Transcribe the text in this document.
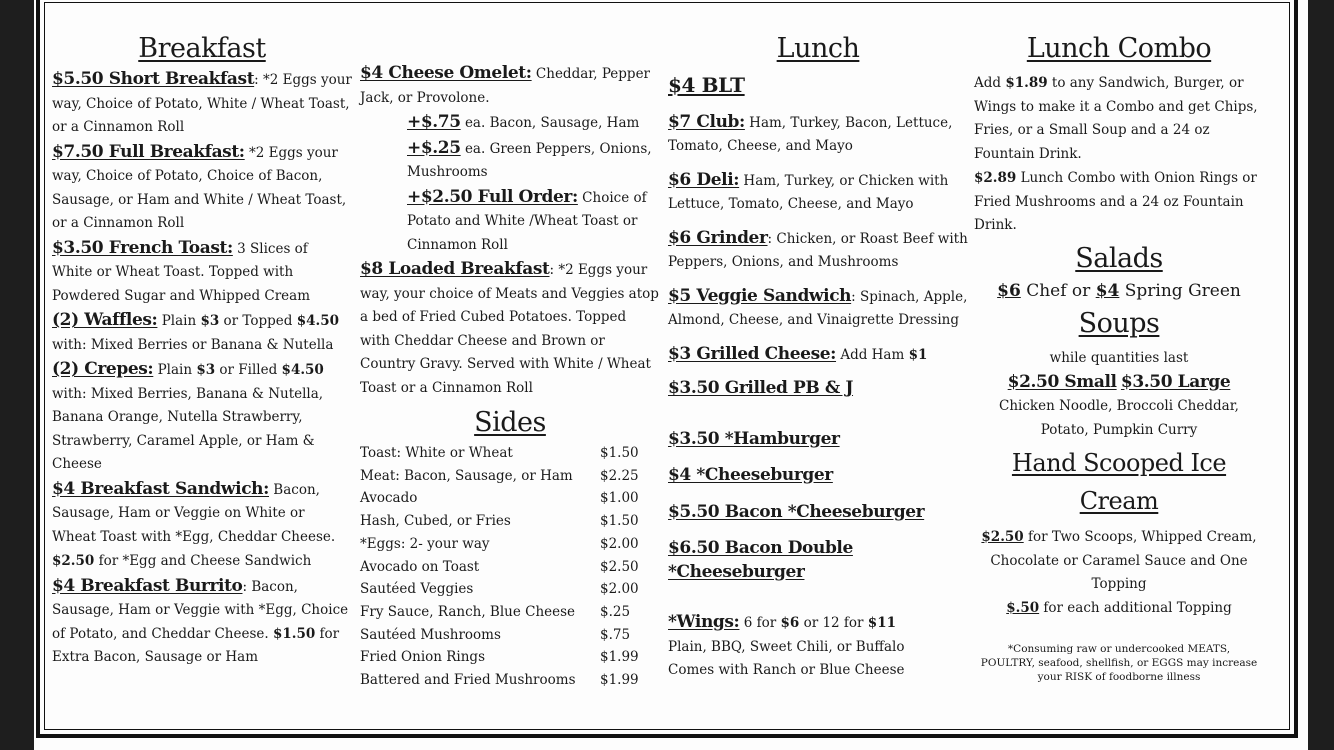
Breakfast
$5.50 Short Breakfast: *2 Eggs your way, Choice of Potato, White / Wheat Toast, or a Cinnamon Roll
$7.50 Full Breakfast: *2 Eggs your way, Choice of Potato, Choice of Bacon, Sausage, or Ham and White / Wheat Toast, or a Cinnamon Roll
$3.50 French Toast: 3 Slices of White or Wheat Toast. Topped with Powdered Sugar and Whipped Cream
(2) Waffles: Plain $3 or Topped $4.50 with: Mixed Berries or Banana & Nutella
(2) Crepes: Plain $3 or Filled $4.50 with: Mixed Berries, Banana & Nutella, Banana Orange, Nutella Strawberry, Strawberry, Caramel Apple, or Ham & Cheese
$4 Breakfast Sandwich: Bacon, Sausage, Ham or Veggie on White or Wheat Toast with *Egg, Cheddar Cheese.
$2.50 for *Egg and Cheese Sandwich
$4 Breakfast Burrito: Bacon, Sausage, Ham or Veggie with *Egg, Choice of Potato, and Cheddar Cheese. $1.50 for Extra Bacon, Sausage or Ham
$4 Cheese Omelet: Cheddar, Pepper Jack, or Provolone.
+$.75 ea. Bacon, Sausage, Ham
+$.25 ea. Green Peppers, Onions, Mushrooms
+$2.50 Full Order: Choice of Potato and White /Wheat Toast or Cinnamon Roll
$8 Loaded Breakfast: *2 Eggs your way, your choice of Meats and Veggies atop a bed of Fried Cubed Potatoes. Topped with Cheddar Cheese and Brown or Country Gravy. Served with White / Wheat Toast or a Cinnamon Roll
Sides
Toast: White or Wheat	$1.50
Meat: Bacon, Sausage, or Ham $2.25
Avocado	$1.00
Hash, Cubed, or Fries	$1.50
*Eggs: 2- your way	$2.00
Avocado on Toast	$2.50
Sautéed Veggies	$2.00
Fry Sauce, Ranch, Blue Cheese $.25
Sautéed Mushrooms	$.75
Fried Onion Rings	$1.99
Battered and Fried Mushrooms $1.99
Lunch
$4 BLT
$7 Club: Ham, Turkey, Bacon, Lettuce, Tomato, Cheese, and Mayo
$6 Deli: Ham, Turkey, or Chicken with Lettuce, Tomato, Cheese, and Mayo
$6 Grinder: Chicken, or Roast Beef with Peppers, Onions, and Mushrooms
$5 Veggie Sandwich: Spinach, Apple, Almond, Cheese, and Vinaigrette Dressing
$3 Grilled Cheese: Add Ham $1
$3.50 Grilled PB & J
$3.50 *Hamburger
$4 *Cheeseburger
$5.50 Bacon *Cheeseburger
$6.50 Bacon Double *Cheeseburger
*Wings: 6 for $6 or 12 for $11
Plain, BBQ, Sweet Chili, or Buffalo
Comes with Ranch or Blue Cheese
Lunch Combo
Add $1.89 to any Sandwich, Burger, or Wings to make it a Combo and get Chips, Fries, or a Small Soup and a 24 oz Fountain Drink.
$2.89 Lunch Combo with Onion Rings or Fried Mushrooms and a 24 oz Fountain Drink.
Salads
$6 Chef or $4 Spring Green
Soups
while quantities last
$2.50 Small $3.50 Large
Chicken Noodle, Broccoli Cheddar, Potato, Pumpkin Curry
Hand Scooped Ice Cream
$2.50 for Two Scoops, Whipped Cream, Chocolate or Caramel Sauce and One Topping
$.50 for each additional Topping
*Consuming raw or undercooked MEATS, POULTRY, seafood, shellfish, or EGGS may increase your RISK of foodborne illness
